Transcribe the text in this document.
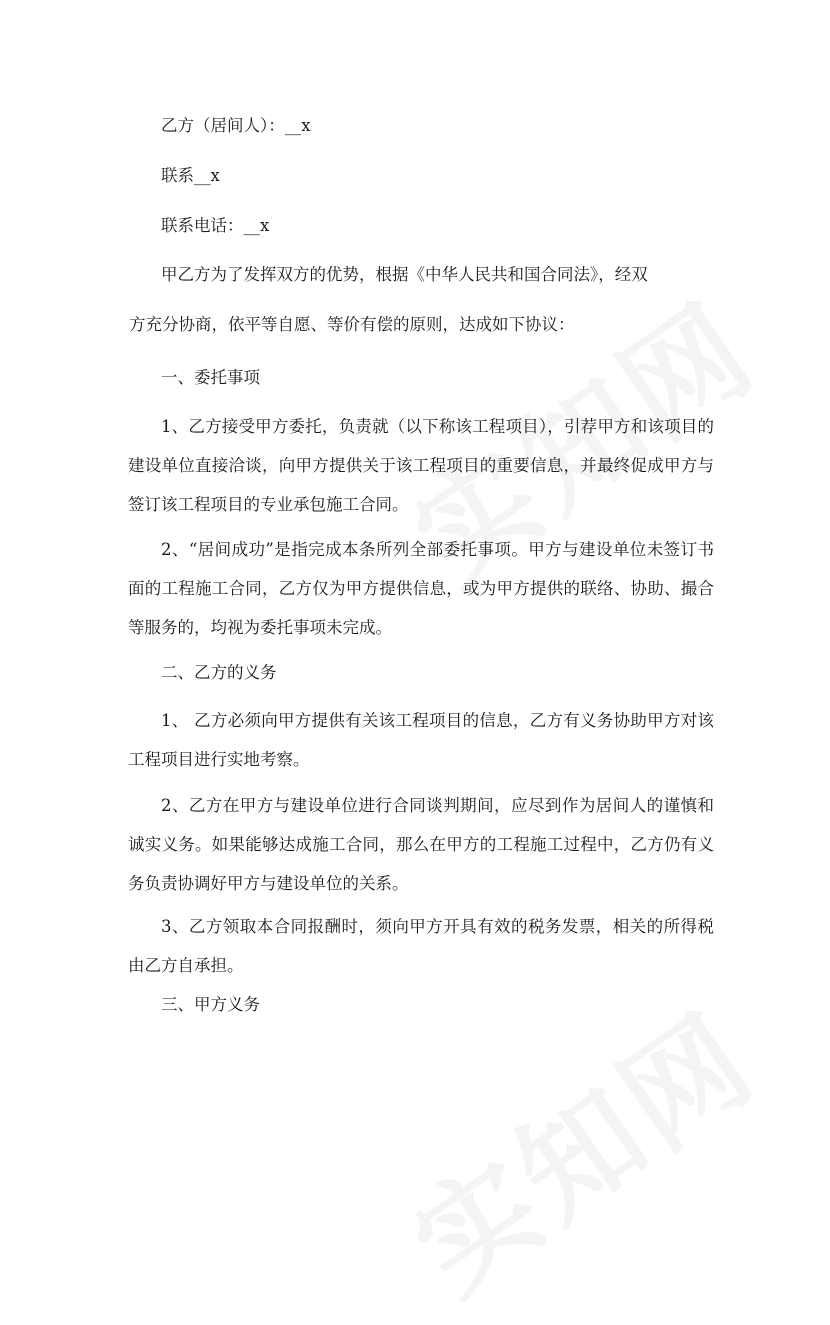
乙方（居间人）：__x
联系__x
联系电话：__x
甲乙方为了发挥双方的优势，根据《中华人民共和国合同法》，经双
方充分协商，依平等自愿、等价有偿的原则，达成如下协议：
一、委托事项
1、乙方接受甲方委托，负责就（以下称该工程项目），引荐甲方和该项目的建设单位直接洽谈，向甲方提供关于该工程项目的重要信息，并最终促成甲方与 签订该工程项目的专业承包施工合同。
2、“居间成功”是指完成本条所列全部委托事项。甲方与建设单位未签订书面的工程施工合同，乙方仅为甲方提供信息，或为甲方提供的联络、协助、撮合等服务的，均视为委托事项未完成。
二、乙方的义务
1、 乙方必须向甲方提供有关该工程项目的信息，乙方有义务协助甲方对该工程项目进行实地考察。
2、乙方在甲方与建设单位进行合同谈判期间，应尽到作为居间人的谨慎和诚实义务。如果能够达成施工合同，那么在甲方的工程施工过程中，乙方仍有义务负责协调好甲方与建设单位的关系。
3、乙方领取本合同报酬时，须向甲方开具有效的税务发票，相关的所得税由乙方自承担。
三、甲方义务
